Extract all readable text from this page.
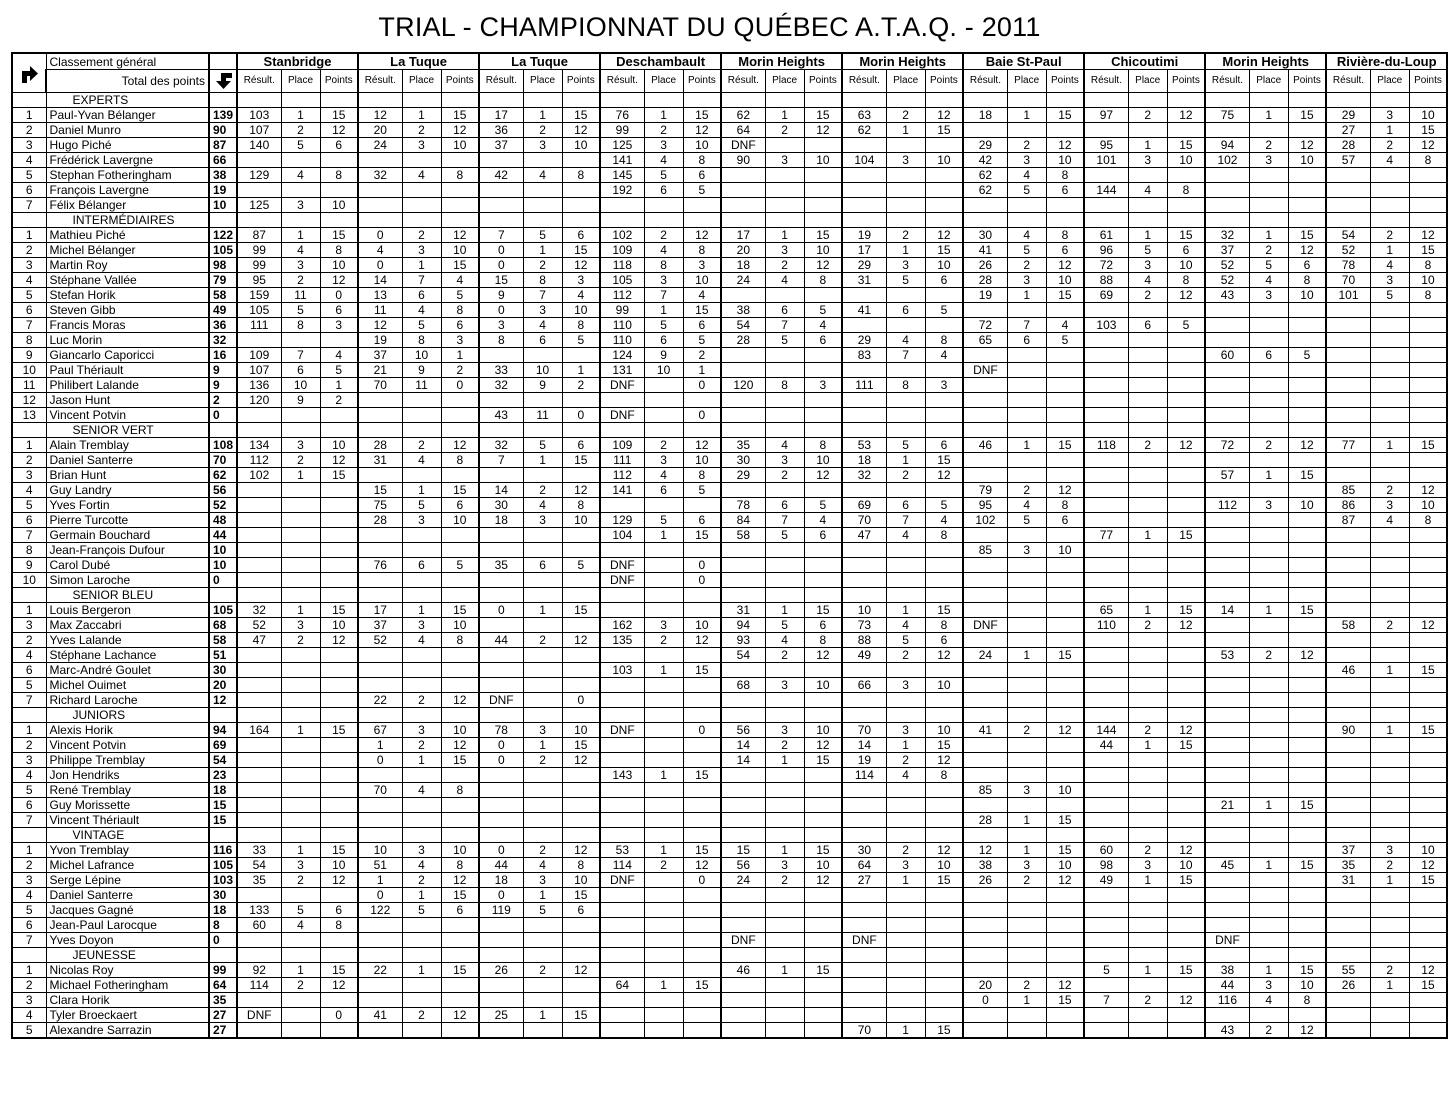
TRIAL - CHAMPIONNAT DU QUÉBEC A.T.A.Q. - 2011
	Classement général		Stanbridge			La Tuque			La Tuque			Deschambault			Morin Heights			Morin Heights			Baie St-Paul			Chicoutimi			Morin Heights			Rivière-du-Loup		
	Total des points		Résult.	Place	Points	Résult.	Place	Points	Résult.	Place	Points	Résult.	Place	Points	Résult.	Place	Points	Résult.	Place	Points	Résult.	Place	Points	Résult.	Place	Points	Résult.	Place	Points	Résult.	Place	Points
	EXPERTS																															
1	Paul-Yvan Bélanger	139	103	1	15	12	1	15	17	1	15	76	1	15	62	1	15	63	2	12	18	1	15	97	2	12	75	1	15	29	3	10
2	Daniel Munro	90	107	2	12	20	2	12	36	2	12	99	2	12	64	2	12	62	1	15										27	1	15
3	Hugo Piché	87	140	5	6	24	3	10	37	3	10	125	3	10	DNF						29	2	12	95	1	15	94	2	12	28	2	12
4	Frédérick Lavergne	66										141	4	8	90	3	10	104	3	10	42	3	10	101	3	10	102	3	10	57	4	8
5	Stephan Fotheringham	38	129	4	8	32	4	8	42	4	8	145	5	6							62	4	8									
6	François Lavergne	19										192	6	5							62	5	6	144	4	8						
7	Félix Bélanger	10	125	3	10																											
	INTERMÉDIAIRES																															
1	Mathieu Piché	122	87	1	15	0	2	12	7	5	6	102	2	12	17	1	15	19	2	12	30	4	8	61	1	15	32	1	15	54	2	12
2	Michel Bélanger	105	99	4	8	4	3	10	0	1	15	109	4	8	20	3	10	17	1	15	41	5	6	96	5	6	37	2	12	52	1	15
3	Martin Roy	98	99	3	10	0	1	15	0	2	12	118	8	3	18	2	12	29	3	10	26	2	12	72	3	10	52	5	6	78	4	8
4	Stéphane Vallée	79	95	2	12	14	7	4	15	8	3	105	3	10	24	4	8	31	5	6	28	3	10	88	4	8	52	4	8	70	3	10
5	Stefan Horik	58	159	11	0	13	6	5	9	7	4	112	7	4							19	1	15	69	2	12	43	3	10	101	5	8
6	Steven Gibb	49	105	5	6	11	4	8	0	3	10	99	1	15	38	6	5	41	6	5												
7	Francis Moras	36	111	8	3	12	5	6	3	4	8	110	5	6	54	7	4				72	7	4	103	6	5						
8	Luc Morin	32				19	8	3	8	6	5	110	6	5	28	5	6	29	4	8	65	6	5									
9	Giancarlo Caporicci	16	109	7	4	37	10	1				124	9	2				83	7	4							60	6	5			
10	Paul Thériault	9	107	6	5	21	9	2	33	10	1	131	10	1							DNF											
11	Philibert Lalande	9	136	10	1	70	11	0	32	9	2	DNF		0	120	8	3	111	8	3												
12	Jason Hunt	2	120	9	2																											
13	Vincent Potvin	0							43	11	0	DNF		0																		
	SENIOR VERT																															
1	Alain Tremblay	108	134	3	10	28	2	12	32	5	6	109	2	12	35	4	8	53	5	6	46	1	15	118	2	12	72	2	12	77	1	15
2	Daniel Santerre	70	112	2	12	31	4	8	7	1	15	111	3	10	30	3	10	18	1	15												
3	Brian Hunt	62	102	1	15							112	4	8	29	2	12	32	2	12							57	1	15			
4	Guy Landry	56				15	1	15	14	2	12	141	6	5							79	2	12							85	2	12
5	Yves Fortin	52				75	5	6	30	4	8				78	6	5	69	6	5	95	4	8				112	3	10	86	3	10
6	Pierre Turcotte	48				28	3	10	18	3	10	129	5	6	84	7	4	70	7	4	102	5	6							87	4	8
7	Germain Bouchard	44										104	1	15	58	5	6	47	4	8				77	1	15						
8	Jean-François Dufour	10																			85	3	10									
9	Carol Dubé	10				76	6	5	35	6	5	DNF		0																		
10	Simon Laroche	0										DNF		0																		
	SENIOR BLEU																															
1	Louis Bergeron	105	32	1	15	17	1	15	0	1	15				31	1	15	10	1	15				65	1	15	14	1	15			
3	Max Zaccabri	68	52	3	10	37	3	10				162	3	10	94	5	6	73	4	8	DNF			110	2	12				58	2	12
2	Yves Lalande	58	47	2	12	52	4	8	44	2	12	135	2	12	93	4	8	88	5	6												
4	Stéphane Lachance	51													54	2	12	49	2	12	24	1	15				53	2	12			
6	Marc-André Goulet	30										103	1	15																46	1	15
5	Michel Ouimet	20													68	3	10	66	3	10												
7	Richard Laroche	12				22	2	12	DNF		0																					
	JUNIORS																															
1	Alexis Horik	94	164	1	15	67	3	10	78	3	10	DNF		0	56	3	10	70	3	10	41	2	12	144	2	12				90	1	15
2	Vincent Potvin	69				1	2	12	0	1	15				14	2	12	14	1	15				44	1	15						
3	Philippe Tremblay	54				0	1	15	0	2	12				14	1	15	19	2	12												
4	Jon Hendriks	23										143	1	15				114	4	8												
5	René Tremblay	18				70	4	8													85	3	10									
6	Guy Morissette	15																									21	1	15			
7	Vincent Thériault	15																			28	1	15									
	VINTAGE																															
1	Yvon Tremblay	116	33	1	15	10	3	10	0	2	12	53	1	15	15	1	15	30	2	12	12	1	15	60	2	12				37	3	10
2	Michel Lafrance	105	54	3	10	51	4	8	44	4	8	114	2	12	56	3	10	64	3	10	38	3	10	98	3	10	45	1	15	35	2	12
3	Serge Lépine	103	35	2	12	1	2	12	18	3	10	DNF		0	24	2	12	27	1	15	26	2	12	49	1	15				31	1	15
4	Daniel Santerre	30				0	1	15	0	1	15																					
5	Jacques Gagné	18	133	5	6	122	5	6	119	5	6																					
6	Jean-Paul Larocque	8	60	4	8																											
7	Yves Doyon	0													DNF			DNF									DNF					
	JEUNESSE																															
1	Nicolas Roy	99	92	1	15	22	1	15	26	2	12				46	1	15							5	1	15	38	1	15	55	2	12
2	Michael Fotheringham	64	114	2	12							64	1	15							20	2	12				44	3	10	26	1	15
3	Clara Horik	35																			0	1	15	7	2	12	116	4	8			
4	Tyler Broeckaert	27	DNF		0	41	2	12	25	1	15																					
5	Alexandre Sarrazin	27																70	1	15							43	2	12			
